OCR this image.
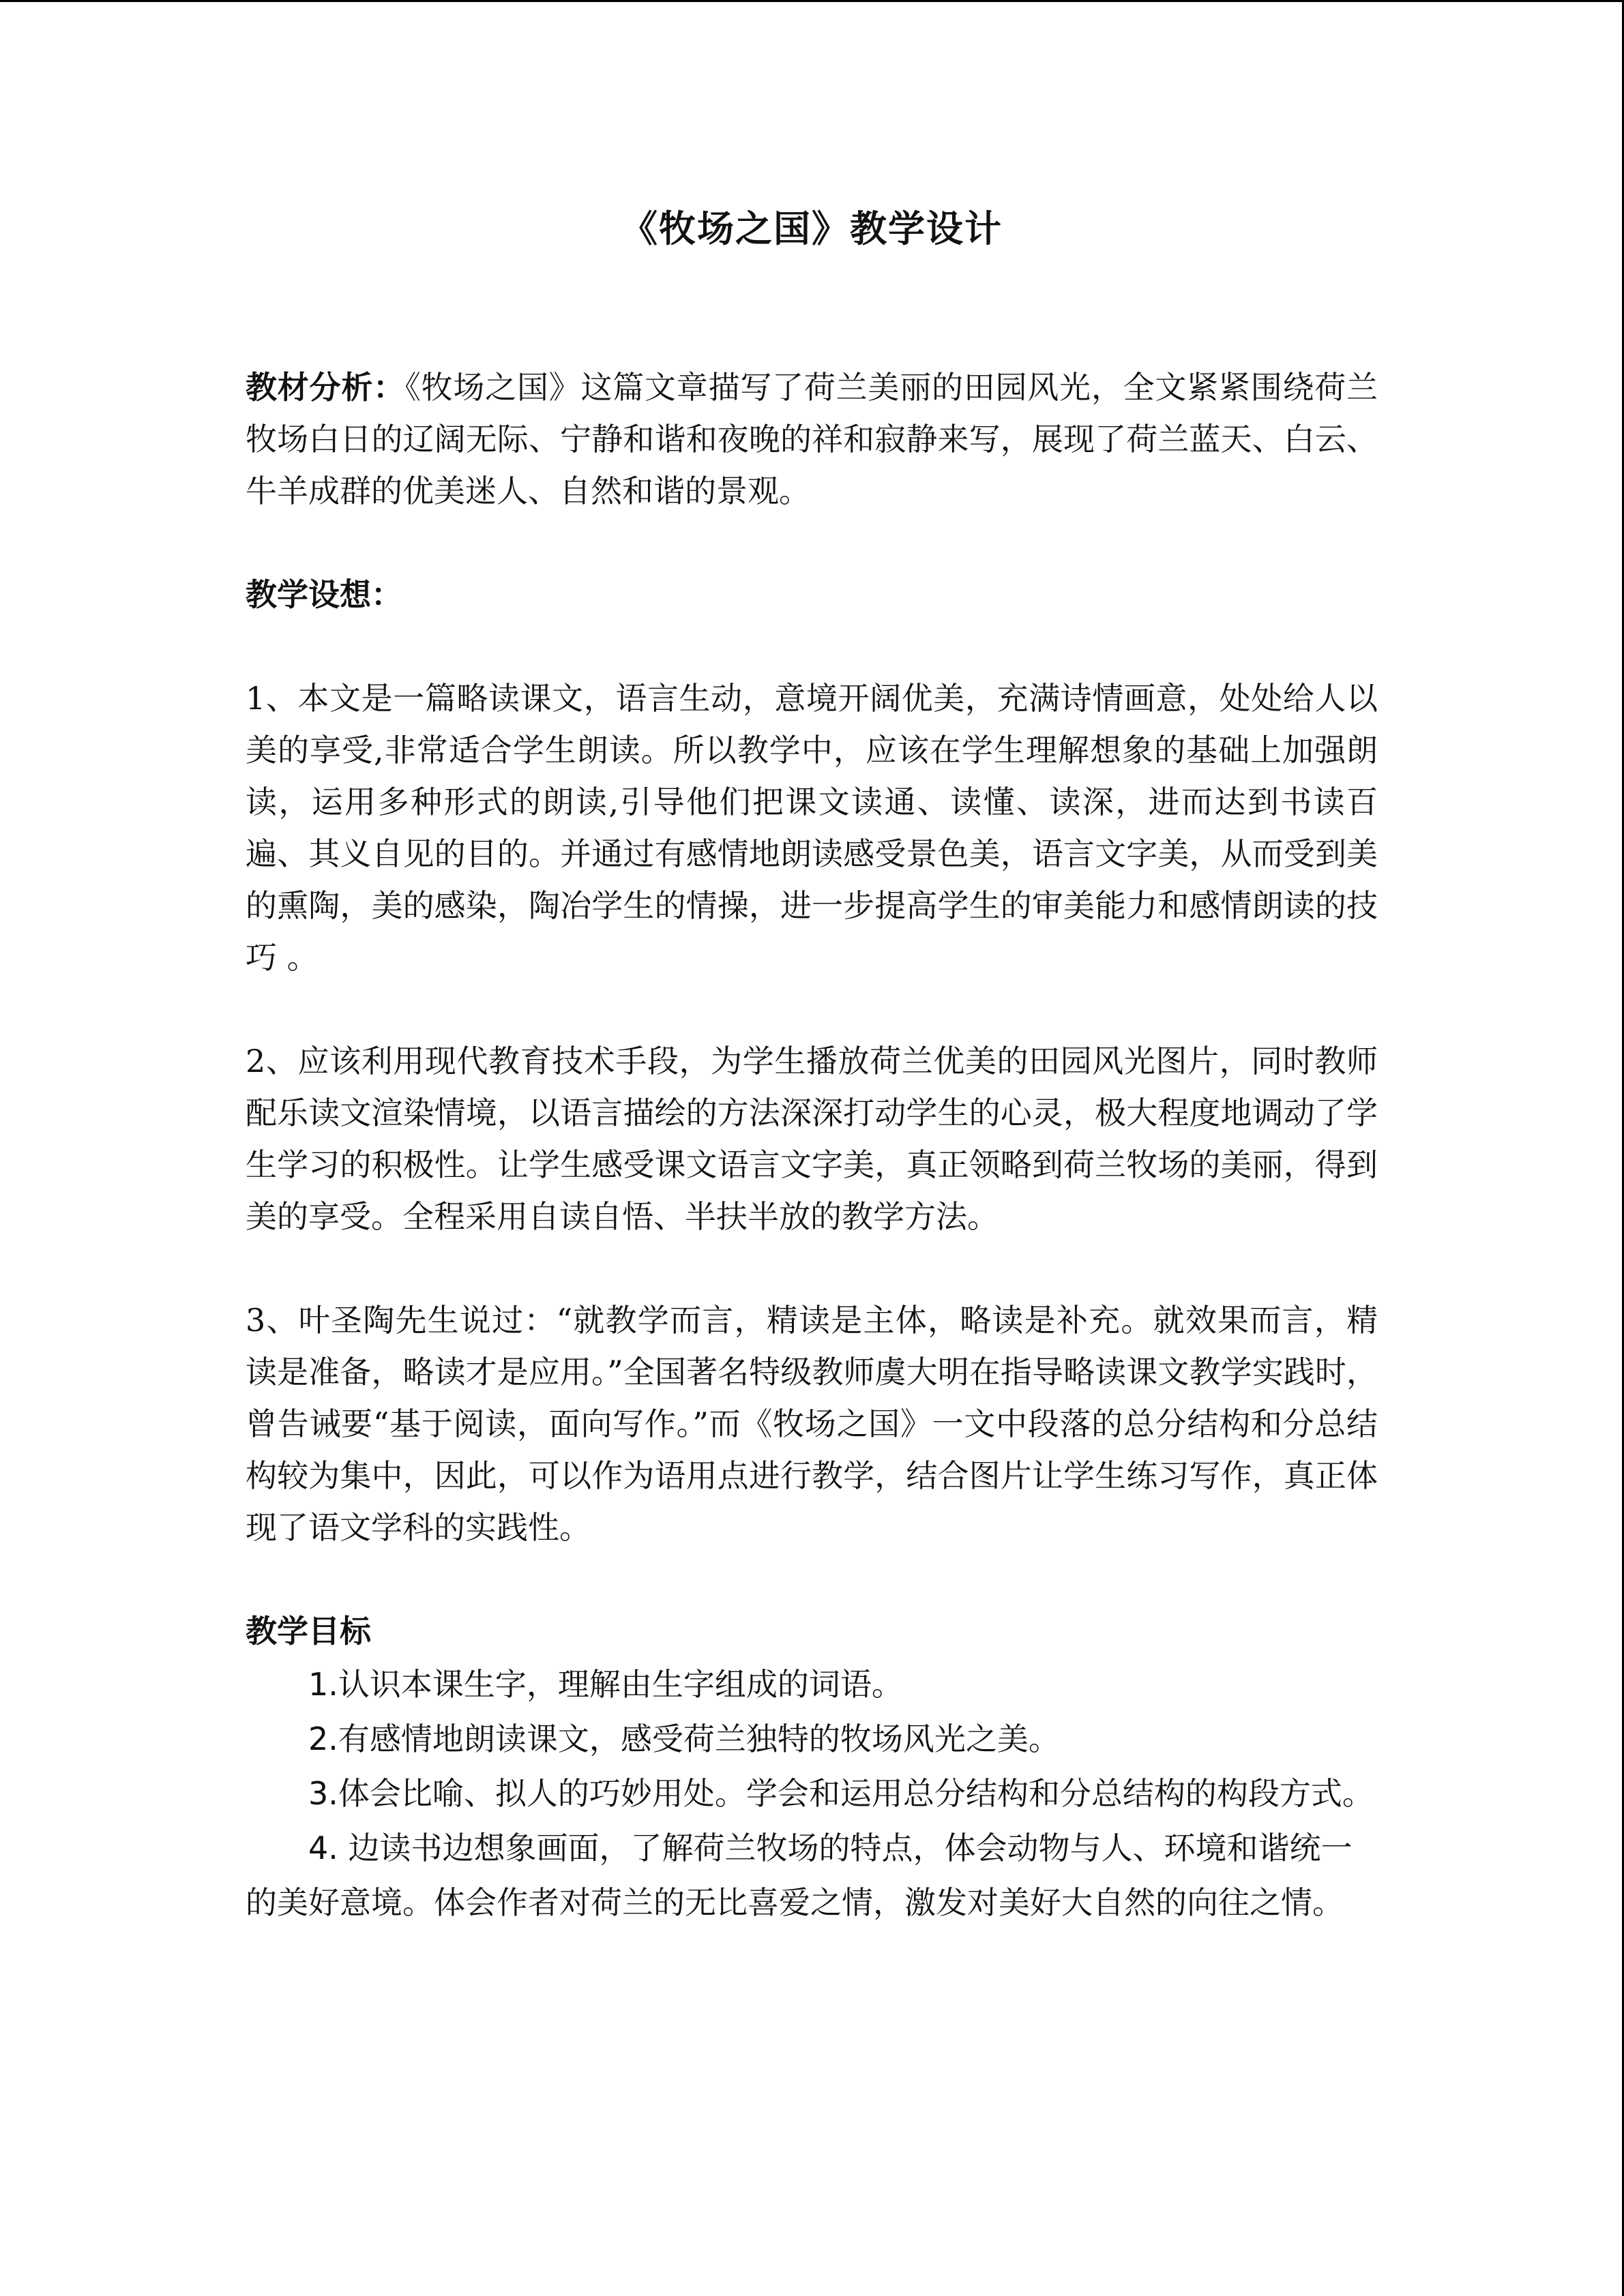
《牧场之国》教学设计

教材分析：《牧场之国》这篇文章描写了荷兰美丽的田园风光，全文紧紧围绕荷兰牧场白日的辽阔无际、宁静和谐和夜晚的祥和寂静来写，展现了荷兰蓝天、白云、牛羊成群的优美迷人、自然和谐的景观。

教学设想：

1、本文是一篇略读课文，语言生动，意境开阔优美，充满诗情画意，处处给人以美的享受,非常适合学生朗读。所以教学中，应该在学生理解想象的基础上加强朗读，运用多种形式的朗读,引导他们把课文读通、读懂、读深，进而达到书读百遍、其义自见的目的。并通过有感情地朗读感受景色美，语言文字美，从而受到美的熏陶，美的感染，陶冶学生的情操，进一步提高学生的审美能力和感情朗读的技巧 。

2、应该利用现代教育技术手段，为学生播放荷兰优美的田园风光图片，同时教师配乐读文渲染情境，以语言描绘的方法深深打动学生的心灵，极大程度地调动了学生学习的积极性。让学生感受课文语言文字美，真正领略到荷兰牧场的美丽，得到美的享受。全程采用自读自悟、半扶半放的教学方法。

3、叶圣陶先生说过：“就教学而言，精读是主体，略读是补充。就效果而言，精读是准备，略读才是应用。”全国著名特级教师虞大明在指导略读课文教学实践时，曾告诫要“基于阅读，面向写作。”而《牧场之国》一文中段落的总分结构和分总结构较为集中，因此，可以作为语用点进行教学，结合图片让学生练习写作，真正体现了语文学科的实践性。

教学目标

1.认识本课生字，理解由生字组成的词语。

2.有感情地朗读课文，感受荷兰独特的牧场风光之美。

3.体会比喻、拟人的巧妙用处。学会和运用总分结构和分总结构的构段方式。

4. 边读书边想象画面，了解荷兰牧场的特点，体会动物与人、环境和谐统一的美好意境。体会作者对荷兰的无比喜爱之情，激发对美好大自然的向往之情。
